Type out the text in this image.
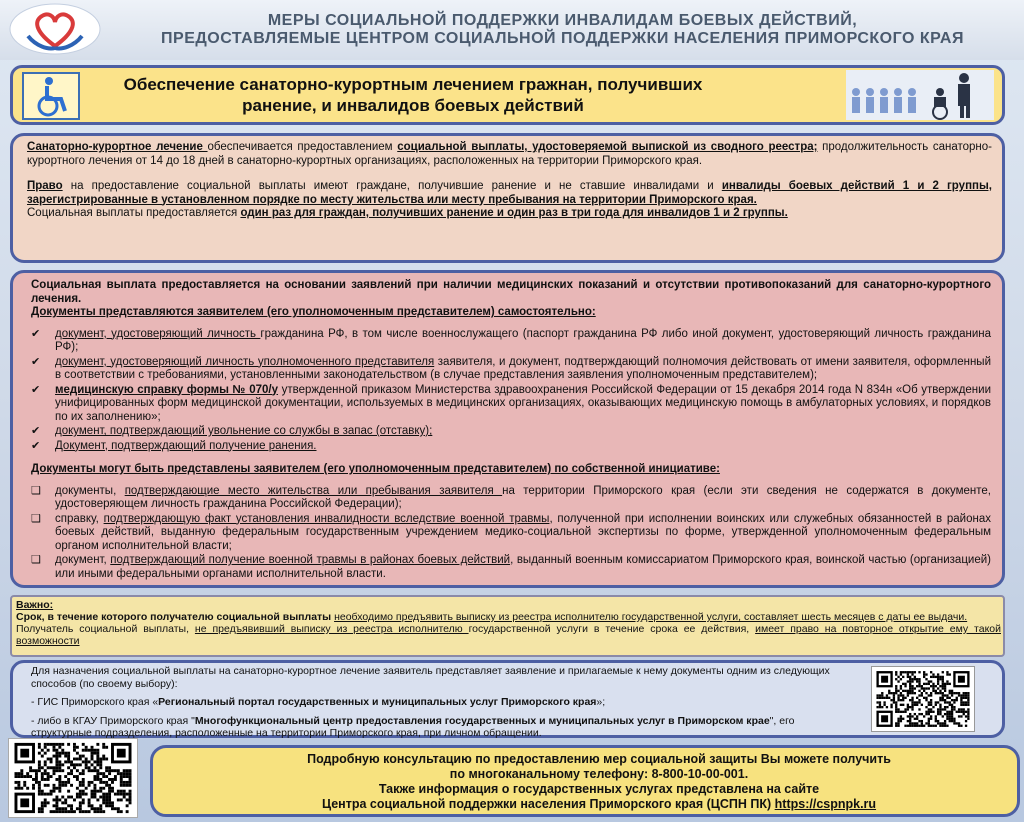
МЕРЫ СОЦИАЛЬНОЙ ПОДДЕРЖКИ ИНВАЛИДАМ БОЕВЫХ ДЕЙСТВИЙ,
ПРЕДОСТАВЛЯЕМЫЕ ЦЕНТРОМ СОЦИАЛЬНОЙ ПОДДЕРЖКИ НАСЕЛЕНИЯ ПРИМОРСКОГО КРАЯ
Обеспечение санаторно-курортным лечением гражнан, получивших
ранение, и инвалидов боевых действий

Санаторно-курортное лечение обеспечивается предоставлением социальной выплаты, удостоверяемой выпиской из сводного реестра; продолжительность санаторно-курортного лечения от 14 до 18 дней в санаторно-курортных организациях, расположенных на территории Приморского края.

Право на предоставление социальной выплаты имеют граждане, получившие ранение и не ставшие инвалидами и инвалиды боевых действий 1 и 2 группы, зарегистрированные в установленном порядке по месту жительства или месту пребывания на территории Приморского края.

Социальная выплаты предоставляется один раз для граждан, получивших ранение и один раз в три года для инвалидов 1 и 2 группы.

Социальная выплата предоставляется на основании заявлений при наличии медицинских показаний и отсутствии противопоказаний для санаторно-курортного лечения.
Документы представляются заявителем (его уполномоченным представителем) самостоятельно:
✔ документ, удостоверяющий личность гражданина РФ, в том числе военнослужащего (паспорт гражданина РФ либо иной документ, удостоверяющий личность гражданина РФ);
✔ документ, удостоверяющий личность уполномоченного представителя заявителя, и документ, подтверждающий полномочия действовать от имени заявителя, оформленный в соответствии с требованиями, установленными законодательством (в случае представления заявления уполномоченным представителем);
✔ медицинскую справку формы № 070/у утвержденной приказом Министерства здравоохранения Российской Федерации от 15 декабря 2014 года N 834н «Об утверждении унифицированных форм медицинской документации, используемых в медицинских организациях, оказывающих медицинскую помощь в амбулаторных условиях, и порядков по их заполнению»;
✔ документ, подтверждающий увольнение со службы в запас (отставку);
✔ Документ, подтверждающий получение ранения.
Документы могут быть представлены заявителем (его уполномоченным представителем) по собственной инициативе:
❑ документы, подтверждающие место жительства или пребывания заявителя на территории Приморского края (если эти сведения не содержатся в документе, удостоверяющем личность гражданина Российской Федерации);
❑ справку, подтверждающую факт установления инвалидности вследствие военной травмы, полученной при исполнении воинских или служебных обязанностей в районах боевых действий, выданную федеральным государственным учреждением медико-социальной экспертизы по форме, утвержденной уполномоченным федеральным органом исполнительной власти;
❑ документ, подтверждающий получение военной травмы в районах боевых действий, выданный военным комиссариатом Приморского края, воинской частью (организацией) или иными федеральными органами исполнительной власти.
Важно:
Срок, в течение которого получателю социальной выплаты необходимо предъявить выписку из реестра исполнителю государственной услуги, составляет шесть месяцев с даты ее выдачи.
Получатель социальной выплаты, не предъявивший выписку из реестра исполнителю государственной услуги в течение срока ее действия, имеет право на повторное открытие ему такой возможности

Для назначения социальной выплаты на санаторно-курортное лечение заявитель представляет заявление и прилагаемые к нему документы одним из следующих способов (по своему выбору):

- ГИС Приморского края «Региональный портал государственных и муниципальных услуг Приморского края»;

- либо в КГАУ Приморского края "Многофункциональный центр предоставления государственных и муниципальных услуг в Приморском крае", его структурные подразделения, расположенные на территории Приморского края, при личном обращении.

Подробную консультацию по предоставлению мер социальной защиты Вы можете получить
по многоканальному телефону: 8-800-10-00-001.
Также информация о государственных услугах представлена на сайте
Центра социальной поддержки населения Приморского края (ЦСПН ПК) https://cspnpk.ru
